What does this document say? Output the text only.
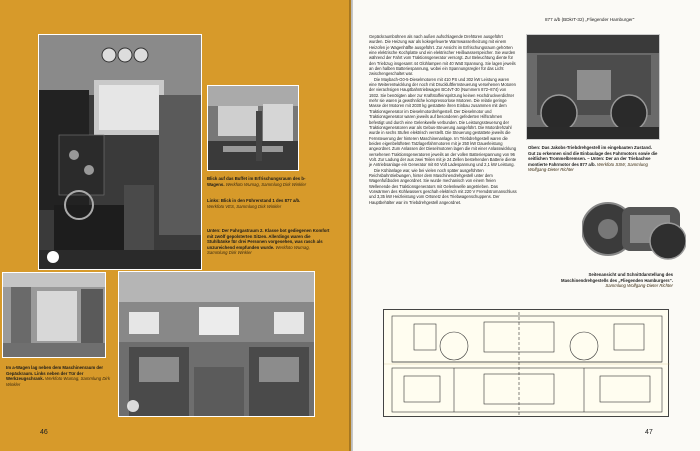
Blick auf das Buffet im Erfrischungsraum des b-Wagens. Werkfoto Wumag, Sammlung Dirk Winkler
Links: Blick in den Führerstand 1 des 877 a/b. Werkfoto VES, Sammlung Dirk Winkler
Unten: Der Fahrgastraum 2. Klasse bot gediegenen Komfort mit zwölf gepolsterten Sitzen. Allerdings waren die Stuhlbänke für drei Personen vorgesehen, was rasch als unzureichend empfunden wurde. Werkfoto Wumag, Sammlung Dirk Winkler
Im a-Wagen lag neben dem Maschinenraum der Gepäckraum. Links neben der Tür der Werkzeugschrank. Werkfoto Wumag, Sammlung Dirk Winkler
46
877 a/b (BDkrT-32) „Fliegender Hamburger“
47

Gepäckraumbühnen als nach außen aufschlagende Drehtüren ausgeführt wurden. Die Heizung war als kokegefeuerte Warmwasserheizung mit einem Heizofen je Wagenhälfte ausgeführt. Zur Ansicht im Erfrischungsraum gehörten eine elektrische Kochplatte und ein elektrischer Heißwasserspeicher. Sie wurden während der Fahrt vom Traktionsgenerator versorgt. Zur Beleuchtung diente für den Triebzug insgesamt 44 Glühlampen mit 40 Watt Spannung. Sie lagen jeweils an den halben Batteriespannung, wobei ein Spannungsregler für das Licht zwischengeschaltet war.

Die Maybach-G0-5-Dieselmotoren mit 410 PS und 302 kW Leistung waren eine Weiterentwicklung der noch mit Druckluftfernsteuerung versehenen Motoren der vierachsigen Hauptbahntriebwagen BC4vT-30 (Nummern 872–874) von 1932. Sie benötigten aber zur Kraftstoffeinspritzung keinen Hochdruckverdichter mehr sie waren ja gewöhnliche kompressorlose Motoren. Die relativ geringe Masse der Motoren mit 2030 kg gestattete ihren Einbau zusammen mit dem Traktionsgenerator im Dieselmotordrehgestell. Der Dieselmotor und Traktionsgenerator waren jeweils auf besonderen gefederten Hilfsrahmen befestigt und durch eine Gelenkwelle verbunden. Die Leistungssteuerung der Traktionsgeneratoren war als Gebus-Steuerung ausgeführt. Die Motordrehzahl wurde in sechs Stufen elektrisch verstellt. Die Steuerung gestattete jeweils die Fernsteuerung der hinteren Maschinenanlage. Im Triebdrehgestell waren die beiden eigenbelüfteten Tatzlagerfahrmotoren mit je 250 kW Dauerleistung angeordnet. Zum Anlassen der Dieselmotoren lagen die mit einer Anlasswicklung versehenen Traktionsgeneratoren jeweils an der vollen Batteriespannung von 96 Volt. Zur Ladung der aus zwei Teilen mit je 24 Zellen bestehenden Batterie diente je Antriebsanlage ein Generator mit 60 Volt Ladespannung und 2,1 kW Leistung.

Die Kühlanlage war, wie bei vielen noch später ausgeführten Reichsbahntriebwagen, hinter dem Maschinendrehgestell unter dem Wagenfußboden angeordnet. Sie wurde mechanisch von einem freien Wellenende des Traktionsgenerators mit Gelenkwelle angetrieben. Das Vorwärmen des Kühlwassers geschah elektrisch mit 220 V Fremdstromanschluss und 3,35 kW Heizleistung vom Ortsnetz des Triebwagenschuppens. Der Hauptbehälter war im Triebdrehgestell angeordnet.

Oben: Das Jakobs-Triebdrehgestell im eingebauten Zustand. Gut zu erkennen sind die Einbaulage des Fahrmotors sowie die seitlichen Trommelbremsen. – Unten: Der an der Triebachse montierte Fahrmotor des 877 a/b. Werkfoto SSW, Sammlung Wolfgang-Dieter Richter
Seitenansicht und Schnittdarstellung des Maschinendrehgestells des „Fliegenden Hamburgers“. Sammlung Wolfgang-Dieter Richter
